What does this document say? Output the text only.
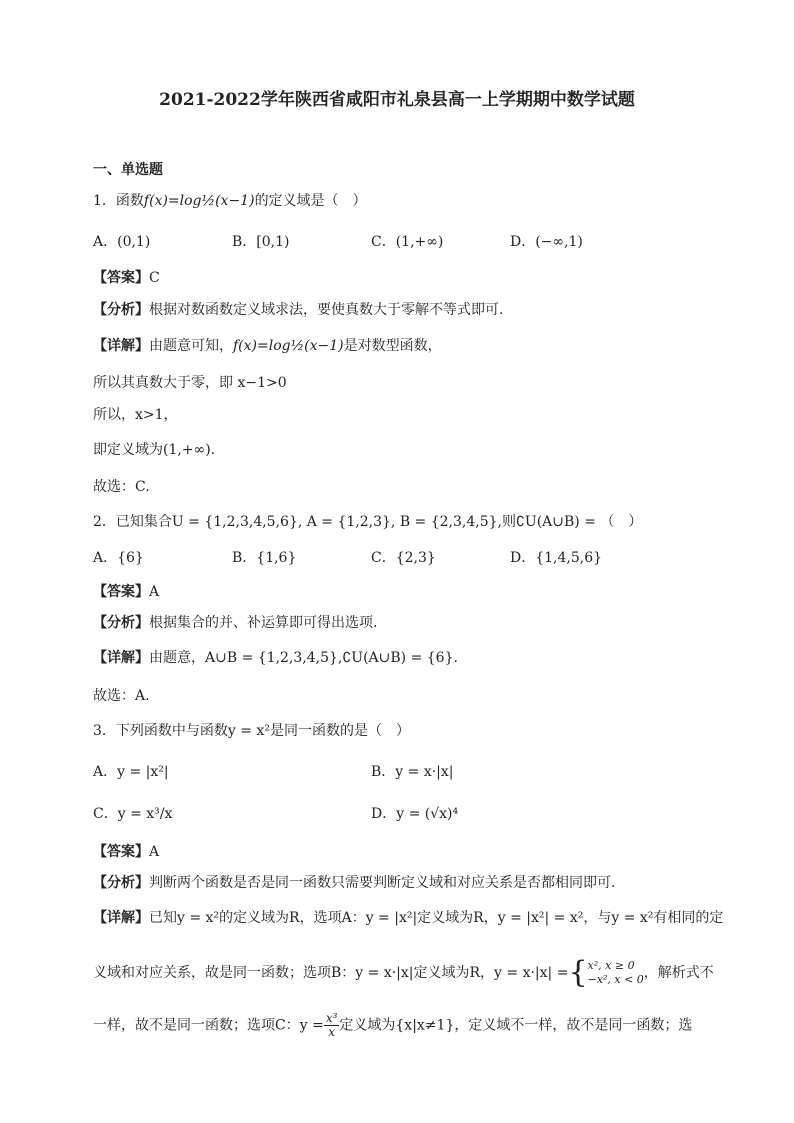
2021-2022学年陕西省咸阳市礼泉县高一上学期期中数学试题
一、单选题
1．函数f(x)=log½(x−1)的定义域是（　）
A．(0,1)	B．[0,1)	C．(1,+∞)	D．(−∞,1)
【答案】C
【分析】根据对数函数定义域求法，要使真数大于零解不等式即可.
【详解】由题意可知，f(x)=log½(x−1)是对数型函数，
所以其真数大于零，即 x−1>0
所以，x>1，
即定义域为(1,+∞).
故选：C.
2．已知集合U = {1,2,3,4,5,6}, A = {1,2,3}, B = {2,3,4,5},则∁U(A∪B) = （　）
A．{6}	B．{1,6}	C．{2,3}	D．{1,4,5,6}
【答案】A
【分析】根据集合的并、补运算即可得出选项.
【详解】由题意，A∪B = {1,2,3,4,5},∁U(A∪B) = {6}.
故选：A.
3．下列函数中与函数y = x²是同一函数的是（　）
A．y = |x²|	B．y = x·|x|
C．y = x³/x	D．y = (√x)⁴
【答案】A
【分析】判断两个函数是否是同一函数只需要判断定义域和对应关系是否都相同即可.
【详解】已知y = x²的定义域为R，选项A：y = |x²|定义域为R，y = |x²| = x²，与y = x²有相同的定
义域和对应关系，故是同一函数；选项B：y = x·|x|定义域为R，y = x·|x| ={ x², x ≥ 0
−x², x < 0 ，解析式不
一样，故不是同一函数；选项C：$y = \frac{\text{x³}}{x}$ 定义域为{x|x≠1}，定义域不一样，故不是同一函数；选
